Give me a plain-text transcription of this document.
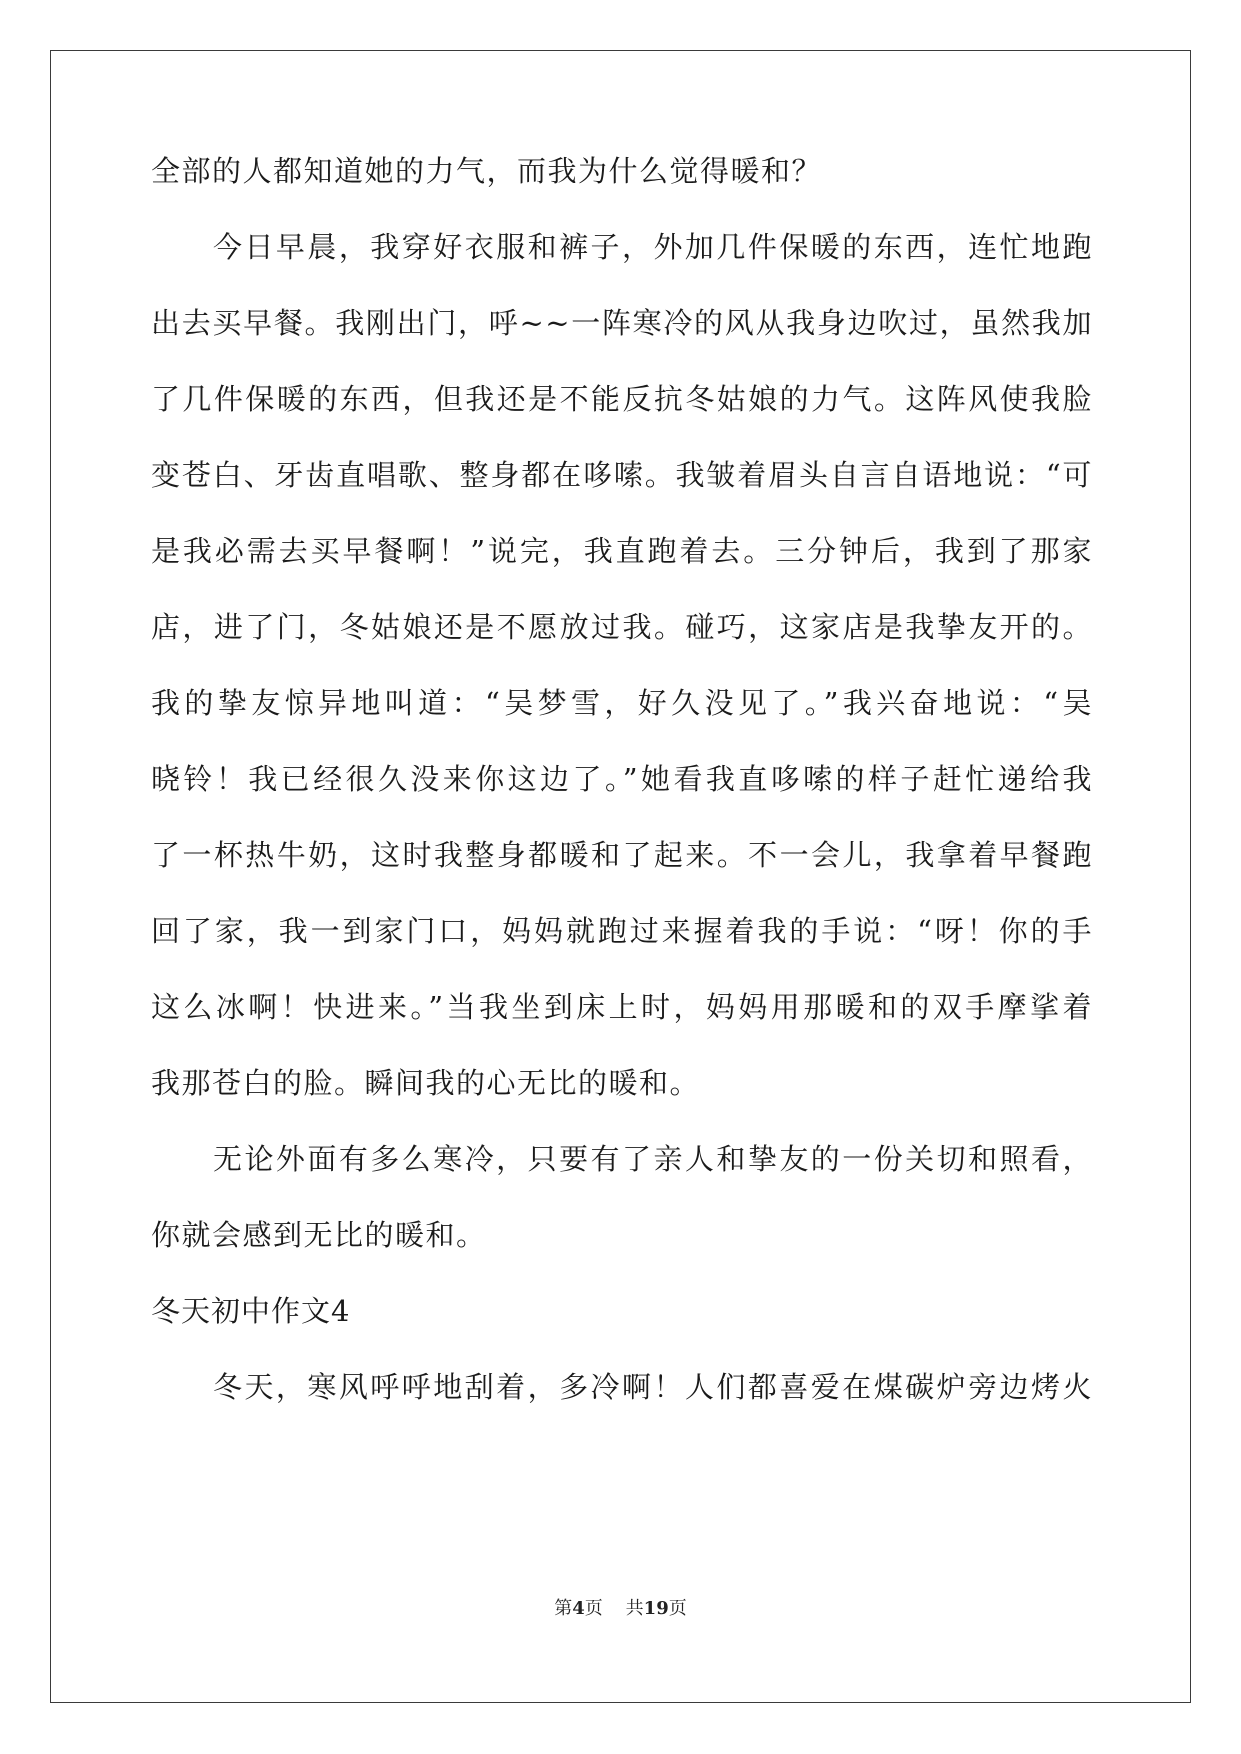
全部的人都知道她的力气，而我为什么觉得暖和？

今日早晨，我穿好衣服和裤子，外加几件保暖的东西，连忙地跑

出去买早餐。我刚出门，呼~~一阵寒冷的风从我身边吹过，虽然我加

了几件保暖的东西，但我还是不能反抗冬姑娘的力气。这阵风使我脸

变苍白、牙齿直唱歌、整身都在哆嗦。我皱着眉头自言自语地说：“可

是我必需去买早餐啊！”说完，我直跑着去。三分钟后，我到了那家

店，进了门，冬姑娘还是不愿放过我。碰巧，这家店是我挚友开的。

我的挚友惊异地叫道：“吴梦雪，好久没见了。”我兴奋地说：“吴

晓铃！我已经很久没来你这边了。”她看我直哆嗦的样子赶忙递给我

了一杯热牛奶，这时我整身都暖和了起来。不一会儿，我拿着早餐跑

回了家，我一到家门口，妈妈就跑过来握着我的手说：“呀！你的手

这么冰啊！快进来。”当我坐到床上时，妈妈用那暖和的双手摩挲着

我那苍白的脸。瞬间我的心无比的暖和。

无论外面有多么寒冷，只要有了亲人和挚友的一份关切和照看，

你就会感到无比的暖和。

冬天初中作文4

冬天，寒风呼呼地刮着，多冷啊！人们都喜爱在煤碳炉旁边烤火

第4页 共19页
